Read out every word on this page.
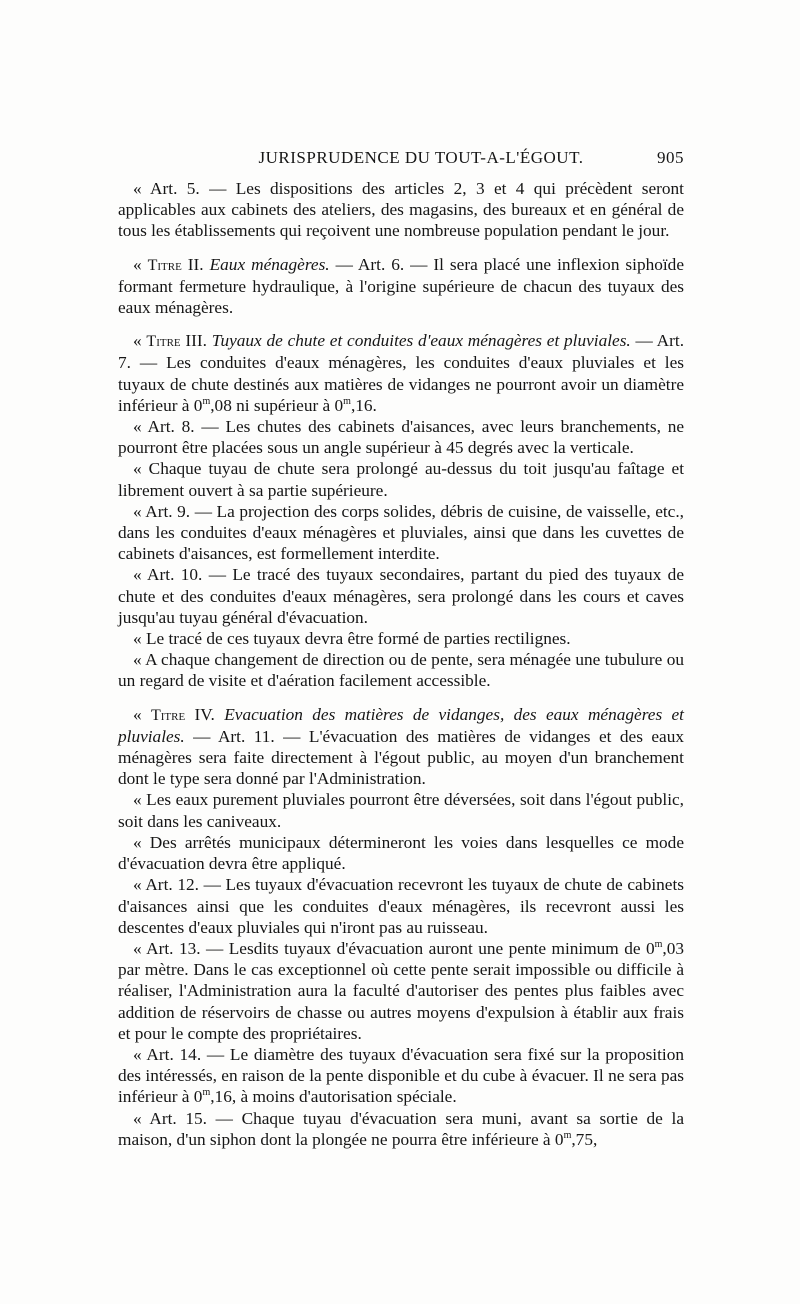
JURISPRUDENCE DU TOUT-A-L'ÉGOUT.	905

« Art. 5. — Les dispositions des articles 2, 3 et 4 qui précèdent seront applicables aux cabinets des ateliers, des magasins, des bureaux et en général de tous les établissements qui reçoivent une nombreuse population pendant le jour.

« Titre II. Eaux ménagères. — Art. 6. — Il sera placé une inflexion siphoïde formant fermeture hydraulique, à l'origine supérieure de chacun des tuyaux des eaux ménagères.

« Titre III. Tuyaux de chute et conduites d'eaux ménagères et pluviales. — Art. 7. — Les conduites d'eaux ménagères, les conduites d'eaux pluviales et les tuyaux de chute destinés aux matières de vidanges ne pourront avoir un diamètre inférieur à 0$^m$,08 ni supérieur à 0$^m$,16.

« Art. 8. — Les chutes des cabinets d'aisances, avec leurs branchements, ne pourront être placées sous un angle supérieur à 45 degrés avec la verticale.

« Chaque tuyau de chute sera prolongé au-dessus du toit jusqu'au faîtage et librement ouvert à sa partie supérieure.

« Art. 9. — La projection des corps solides, débris de cuisine, de vaisselle, etc., dans les conduites d'eaux ménagères et pluviales, ainsi que dans les cuvettes de cabinets d'aisances, est formellement interdite.

« Art. 10. — Le tracé des tuyaux secondaires, partant du pied des tuyaux de chute et des conduites d'eaux ménagères, sera prolongé dans les cours et caves jusqu'au tuyau général d'évacuation.

« Le tracé de ces tuyaux devra être formé de parties rectilignes.

« A chaque changement de direction ou de pente, sera ménagée une tubulure ou un regard de visite et d'aération facilement accessible.

« Titre IV. Evacuation des matières de vidanges, des eaux ménagères et pluviales. — Art. 11. — L'évacuation des matières de vidanges et des eaux ménagères sera faite directement à l'égout public, au moyen d'un branchement dont le type sera donné par l'Administration.

« Les eaux purement pluviales pourront être déversées, soit dans l'égout public, soit dans les caniveaux.

« Des arrêtés municipaux détermineront les voies dans lesquelles ce mode d'évacuation devra être appliqué.

« Art. 12. — Les tuyaux d'évacuation recevront les tuyaux de chute de cabinets d'aisances ainsi que les conduites d'eaux ménagères, ils recevront aussi les descentes d'eaux pluviales qui n'iront pas au ruisseau.

« Art. 13. — Lesdits tuyaux d'évacuation auront une pente minimum de 0$^m$,03 par mètre. Dans le cas exceptionnel où cette pente serait impossible ou difficile à réaliser, l'Administration aura la faculté d'autoriser des pentes plus faibles avec addition de réservoirs de chasse ou autres moyens d'expulsion à établir aux frais et pour le compte des propriétaires.

« Art. 14. — Le diamètre des tuyaux d'évacuation sera fixé sur la proposition des intéressés, en raison de la pente disponible et du cube à évacuer. Il ne sera pas inférieur à 0$^m$,16, à moins d'autorisation spéciale.

« Art. 15. — Chaque tuyau d'évacuation sera muni, avant sa sortie de la maison, d'un siphon dont la plongée ne pourra être inférieure à 0$^m$,75,
